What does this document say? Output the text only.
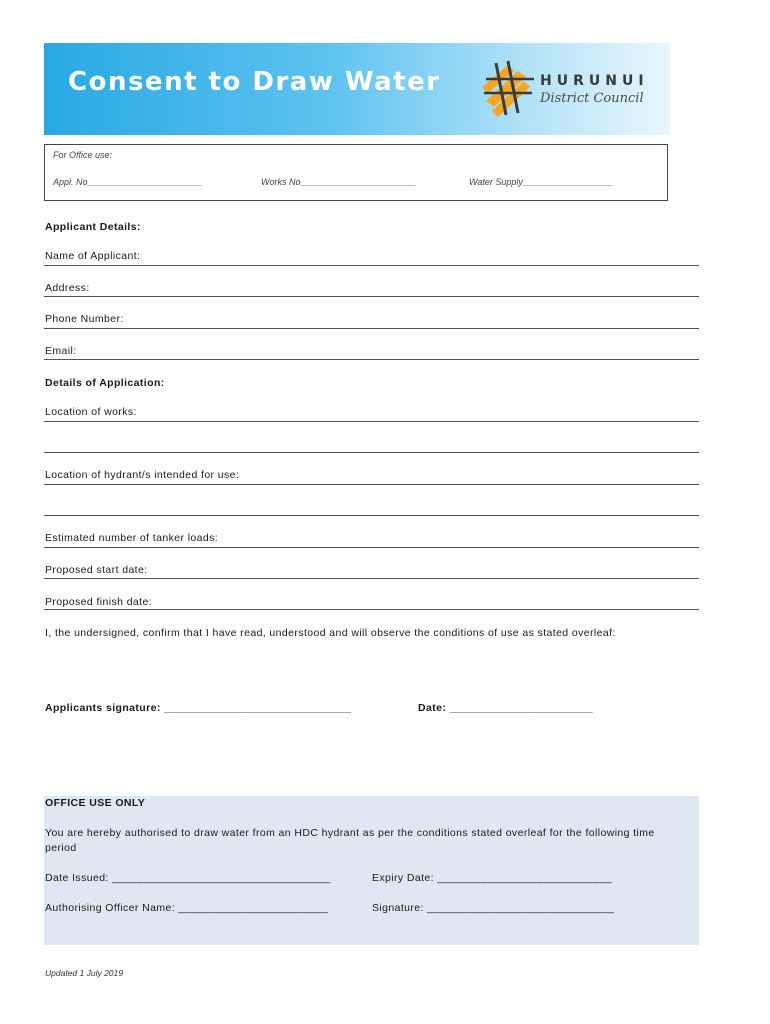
Consent to Draw Water	HURUNUI
District Council
For Office use:
Appl. No_______________________	Works No_______________________	Water Supply__________________
Applicant Details:
Name of Applicant:
Address:
Phone Number:
Email:
Details of Application:
Location of works:
Location of hydrant/s intended for use:
Estimated number of tanker loads:
Proposed start date:
Proposed finish date:
I, the undersigned, confirm that I have read, understood and will observe the conditions of use as stated overleaf:
Applicants signature: ______________________________	Date: _______________________
OFFICE USE ONLY
You are hereby authorised to draw water from an HDC hydrant as per the conditions stated overleaf for the following time
period
Date Issued: ___________________________________	Expiry Date: ____________________________
Authorising Officer Name: ________________________	Signature: ______________________________
Updated 1 July 2019
